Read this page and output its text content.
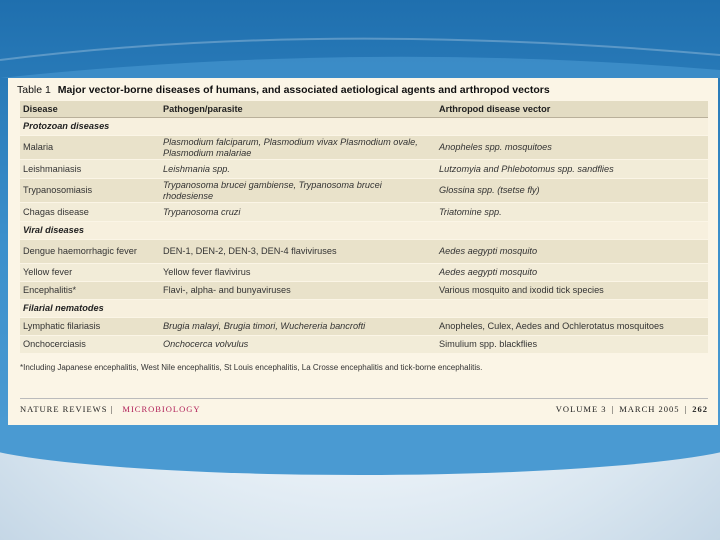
Table 1 Major vector-borne diseases of humans, and associated aetiological agents and arthropod vectors
Disease	Pathogen/parasite	Arthropod disease vector
Protozoan diseases		
Malaria	Plasmodium falciparum, Plasmodium vivax Plasmodium ovale, Plasmodium malariae	Anopheles spp. mosquitoes
Leishmaniasis	Leishmania spp.	Lutzomyia and Phlebotomus spp. sandflies
Trypanosomiasis	Trypanosoma brucei gambiense, Trypanosoma brucei rhodesiense	Glossina spp. (tsetse fly)
Chagas disease	Trypanosoma cruzi	Triatomine spp.
Viral diseases		
Dengue haemorrhagic fever	DEN-1, DEN-2, DEN-3, DEN-4 flaviviruses	Aedes aegypti mosquito
Yellow fever	Yellow fever flavivirus	Aedes aegypti mosquito
Encephalitis*	Flavi-, alpha- and bunyaviruses	Various mosquito and ixodid tick species
Filarial nematodes		
Lymphatic filariasis	Brugia malayi, Brugia timori, Wuchereria bancrofti	Anopheles, Culex, Aedes and Ochlerotatus mosquitoes
Onchocerciasis	Onchocerca volvulus	Simulium spp. blackflies
*Including Japanese encephalitis, West Nile encephalitis, St Louis encephalitis, La Crosse encephalitis and tick-borne encephalitis.
NATURE REVIEWS | MICROBIOLOGY	VOLUME 3 | MARCH 2005 | 262
